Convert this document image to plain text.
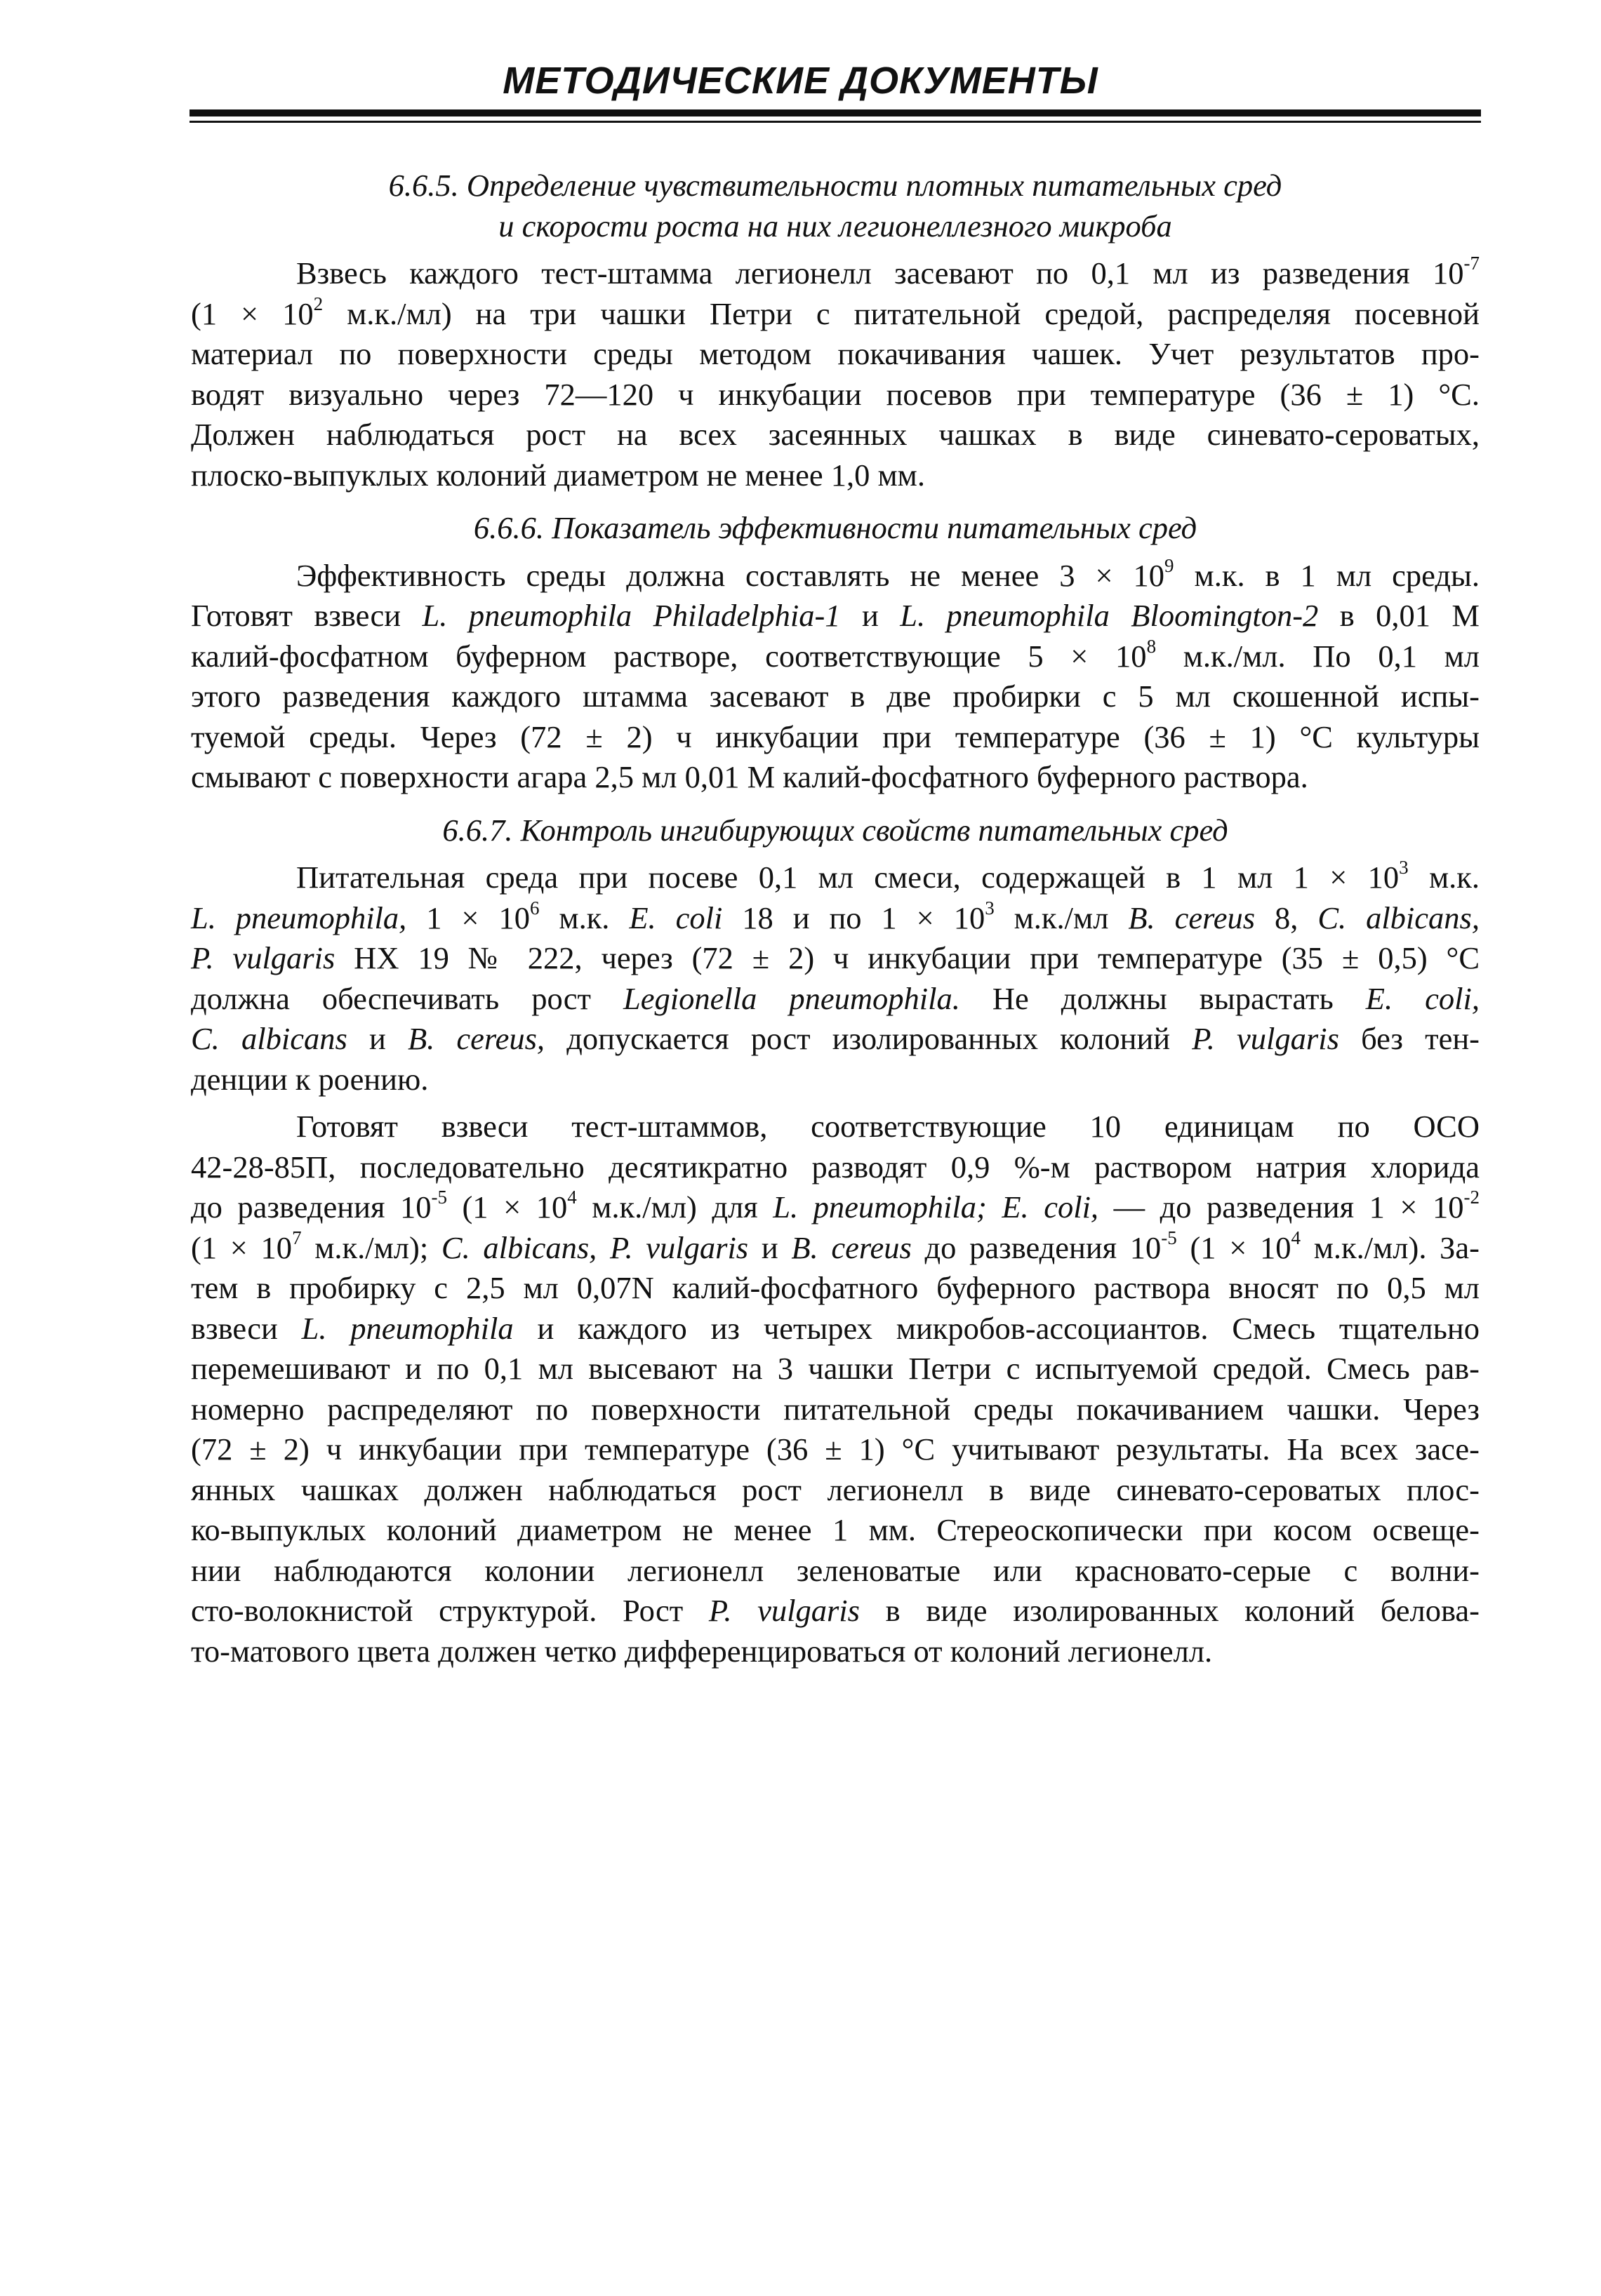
МЕТОДИЧЕСКИЕ ДОКУМЕНТЫ
6.6.5. Определение чувствительности плотных питательных сред
и скорости роста на них легионеллезного микроба
Взвесь каждого тест-штамма легионелл засевают по 0,1 мл из разведения $10^{-7}$
($1 \times 10^2$ м.к./мл) на три чашки Петри с питательной средой, распределяя посевной
материал по поверхности среды методом покачивания чашек. Учет результатов про-
водят визуально через 72—120 ч инкубации посевов при температуре (36 ± 1) °С.
Должен наблюдаться рост на всех засеянных чашках в виде синевато-сероватых,
плоско-выпуклых колоний диаметром не менее 1,0 мм.
6.6.6. Показатель эффективности питательных сред
Эффективность среды должна составлять не менее $3 \times 10^9$ м.к. в 1 мл среды.
Готовят взвеси L. pneumophila Philadelphia-1 и L. pneumophila Bloomington-2 в 0,01 М
калий-фосфатном буферном растворе, соответствующие $5 \times 10^8$ м.к./мл. По 0,1 мл
этого разведения каждого штамма засевают в две пробирки с 5 мл скошенной испы-
туемой среды. Через (72 ± 2) ч инкубации при температуре (36 ± 1) °С культуры
смывают с поверхности агара 2,5 мл 0,01 М калий-фосфатного буферного раствора.
6.6.7. Контроль ингибирующих свойств питательных сред
Питательная среда при посеве 0,1 мл смеси, содержащей в 1 мл $1 \times 10^3$ м.к.
L. pneumophila, $1 \times 10^6$ м.к. E. coli 18 и по $1 \times 10^3$ м.к./мл B. cereus 8, C. albicans,
P. vulgaris НХ 19 № 222, через (72 ± 2) ч инкубации при температуре (35 ± 0,5) °С
должна обеспечивать рост Legionella pneumophila. Не должны вырастать E. coli,
C. albicans и B. cereus, допускается рост изолированных колоний P. vulgaris без тен-
денции к роению.
Готовят взвеси тест-штаммов, соответствующие 10 единицам по ОСО
42-28-85П, последовательно десятикратно разводят 0,9 %-м раствором натрия хлорида
до разведения $10^{-5}$ ($1 \times 10^4$ м.к./мл) для L. pneumophila; E. coli, — до разведения $1 \times 10^{-2}$
($1 \times 10^7$ м.к./мл); C. albicans, P. vulgaris и B. cereus до разведения $10^{-5}$ ($1 \times 10^4$ м.к./мл). За-
тем в пробирку с 2,5 мл 0,07N калий-фосфатного буферного раствора вносят по 0,5 мл
взвеси L. pneumophila и каждого из четырех микробов-ассоциантов. Смесь тщательно
перемешивают и по 0,1 мл высевают на 3 чашки Петри с испытуемой средой. Смесь рав-
номерно распределяют по поверхности питательной среды покачиванием чашки. Через
(72 ± 2) ч инкубации при температуре (36 ± 1) °С учитывают результаты. На всех засе-
янных чашках должен наблюдаться рост легионелл в виде синевато-сероватых плос-
ко-выпуклых колоний диаметром не менее 1 мм. Стереоскопически при косом освеще-
нии наблюдаются колонии легионелл зеленоватые или красновато-серые с волни-
сто-волокнистой структурой. Рост P. vulgaris в виде изолированных колоний белова-
то-матового цвета должен четко дифференцироваться от колоний легионелл.
